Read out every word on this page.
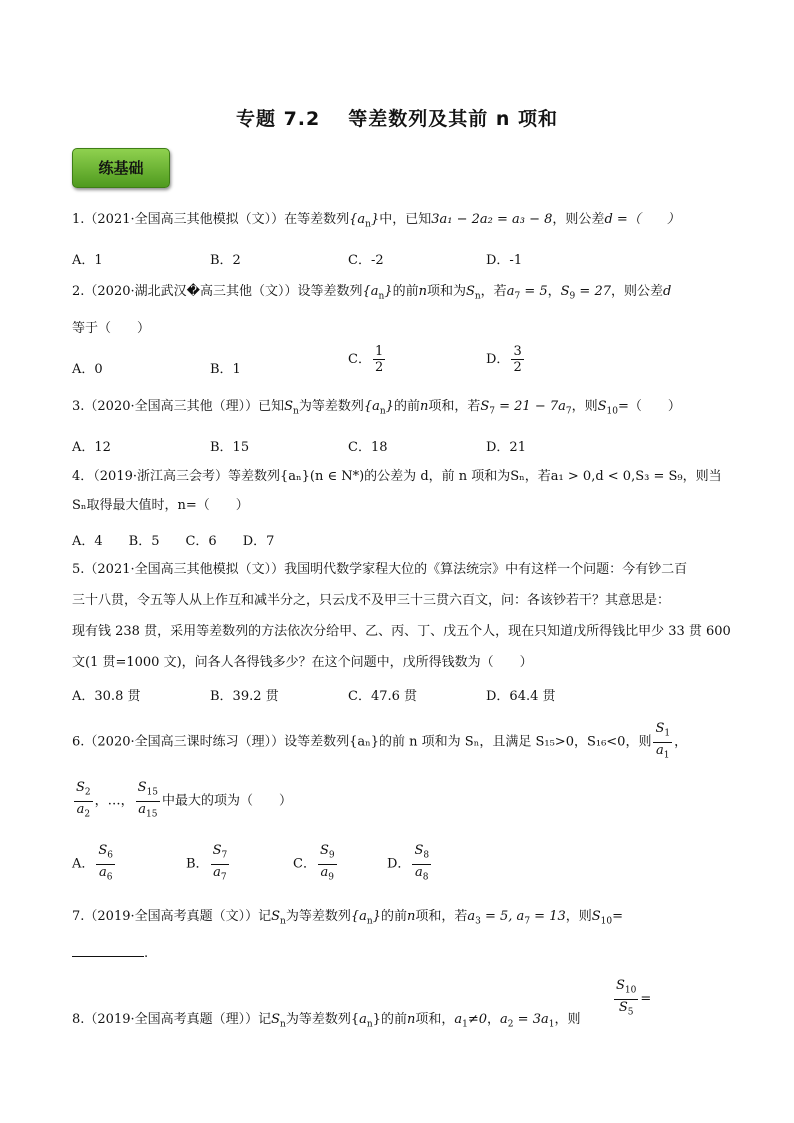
专题 7.2 等差数列及其前 n 项和
练基础
1.（2021·全国高三其他模拟（文））在等差数列$\{a_n\}$中，已知3a₁ − 2a₂ = a₃ − 8，则公差d =（　　）
A．1	B．2	C．-2	D．-1
2.（2020·湖北武汉�高三其他（文））设等差数列$\{a_n\}$的前n项和为$S_n$，若$a_7 = 5$，$S_9 = 27$，则公差d
等于（　　）
A．0	B．1
C． $\frac{1}{2}$	D． $\frac{3}{2}$
3.（2020·全国高三其他（理））已知$S_n$为等差数列$\{a_n\}$的前n项和，若$S_7 = 21 - 7a_7$，则$S_{10}=$（　　）
A．12	B．15	C．18	D．21
4．（2019·浙江高三会考）等差数列{aₙ}(n ∈ N*)的公差为 d，前 n 项和为Sₙ，若a₁ > 0,d < 0,S₃ = S₉，则当
Sₙ取得最大值时，n=（　　）
A．4　　B．5　　C．6　　D．7
5.（2021·全国高三其他模拟（文））我国明代数学家程大位的《算法统宗》中有这样一个问题：今有钞二百
三十八贯，令五等人从上作互和减半分之，只云戊不及甲三十三贯六百文，问：各该钞若干？其意思是：
现有钱 238 贯，采用等差数列的方法依次分给甲、乙、丙、丁、戊五个人，现在只知道戊所得钱比甲少 33 贯 600
文(1 贯=1000 文)，问各人各得钱多少？在这个问题中，戊所得钱数为（　　）
A．30.8 贯	B．39.2 贯	C．47.6 贯	D．64.4 贯
6.（2020·全国高三课时练习（理））设等差数列{aₙ}的前 n 项和为 Sₙ，且满足 S₁₅>0，S₁₆<0，则 $\frac{S_1}{a_1}$ ，
$\frac{S_2}{a_2}$ ，…， $\frac{S_{15}}{a_{15}}$ 中最大的项为（　　）
A． $\frac{S_6}{a_6}$	B． $\frac{S_7}{a_7}$	C． $\frac{S_9}{a_9}$	D． $\frac{S_8}{a_8}$
7.（2019·全国高考真题（文））记$S_n$为等差数列$\{a_n\}$的前n项和，若$a_3 = 5$, $a_7 = 13$，则$S_{10}=$
.
8.（2019·全国高考真题（理））记$S_n$为等差数列$\{a_n\}$的前n项和，$a_1\ne 0$，$a_2 = 3a_1$，则	$\frac{S_{10}}{S_5}$ =
